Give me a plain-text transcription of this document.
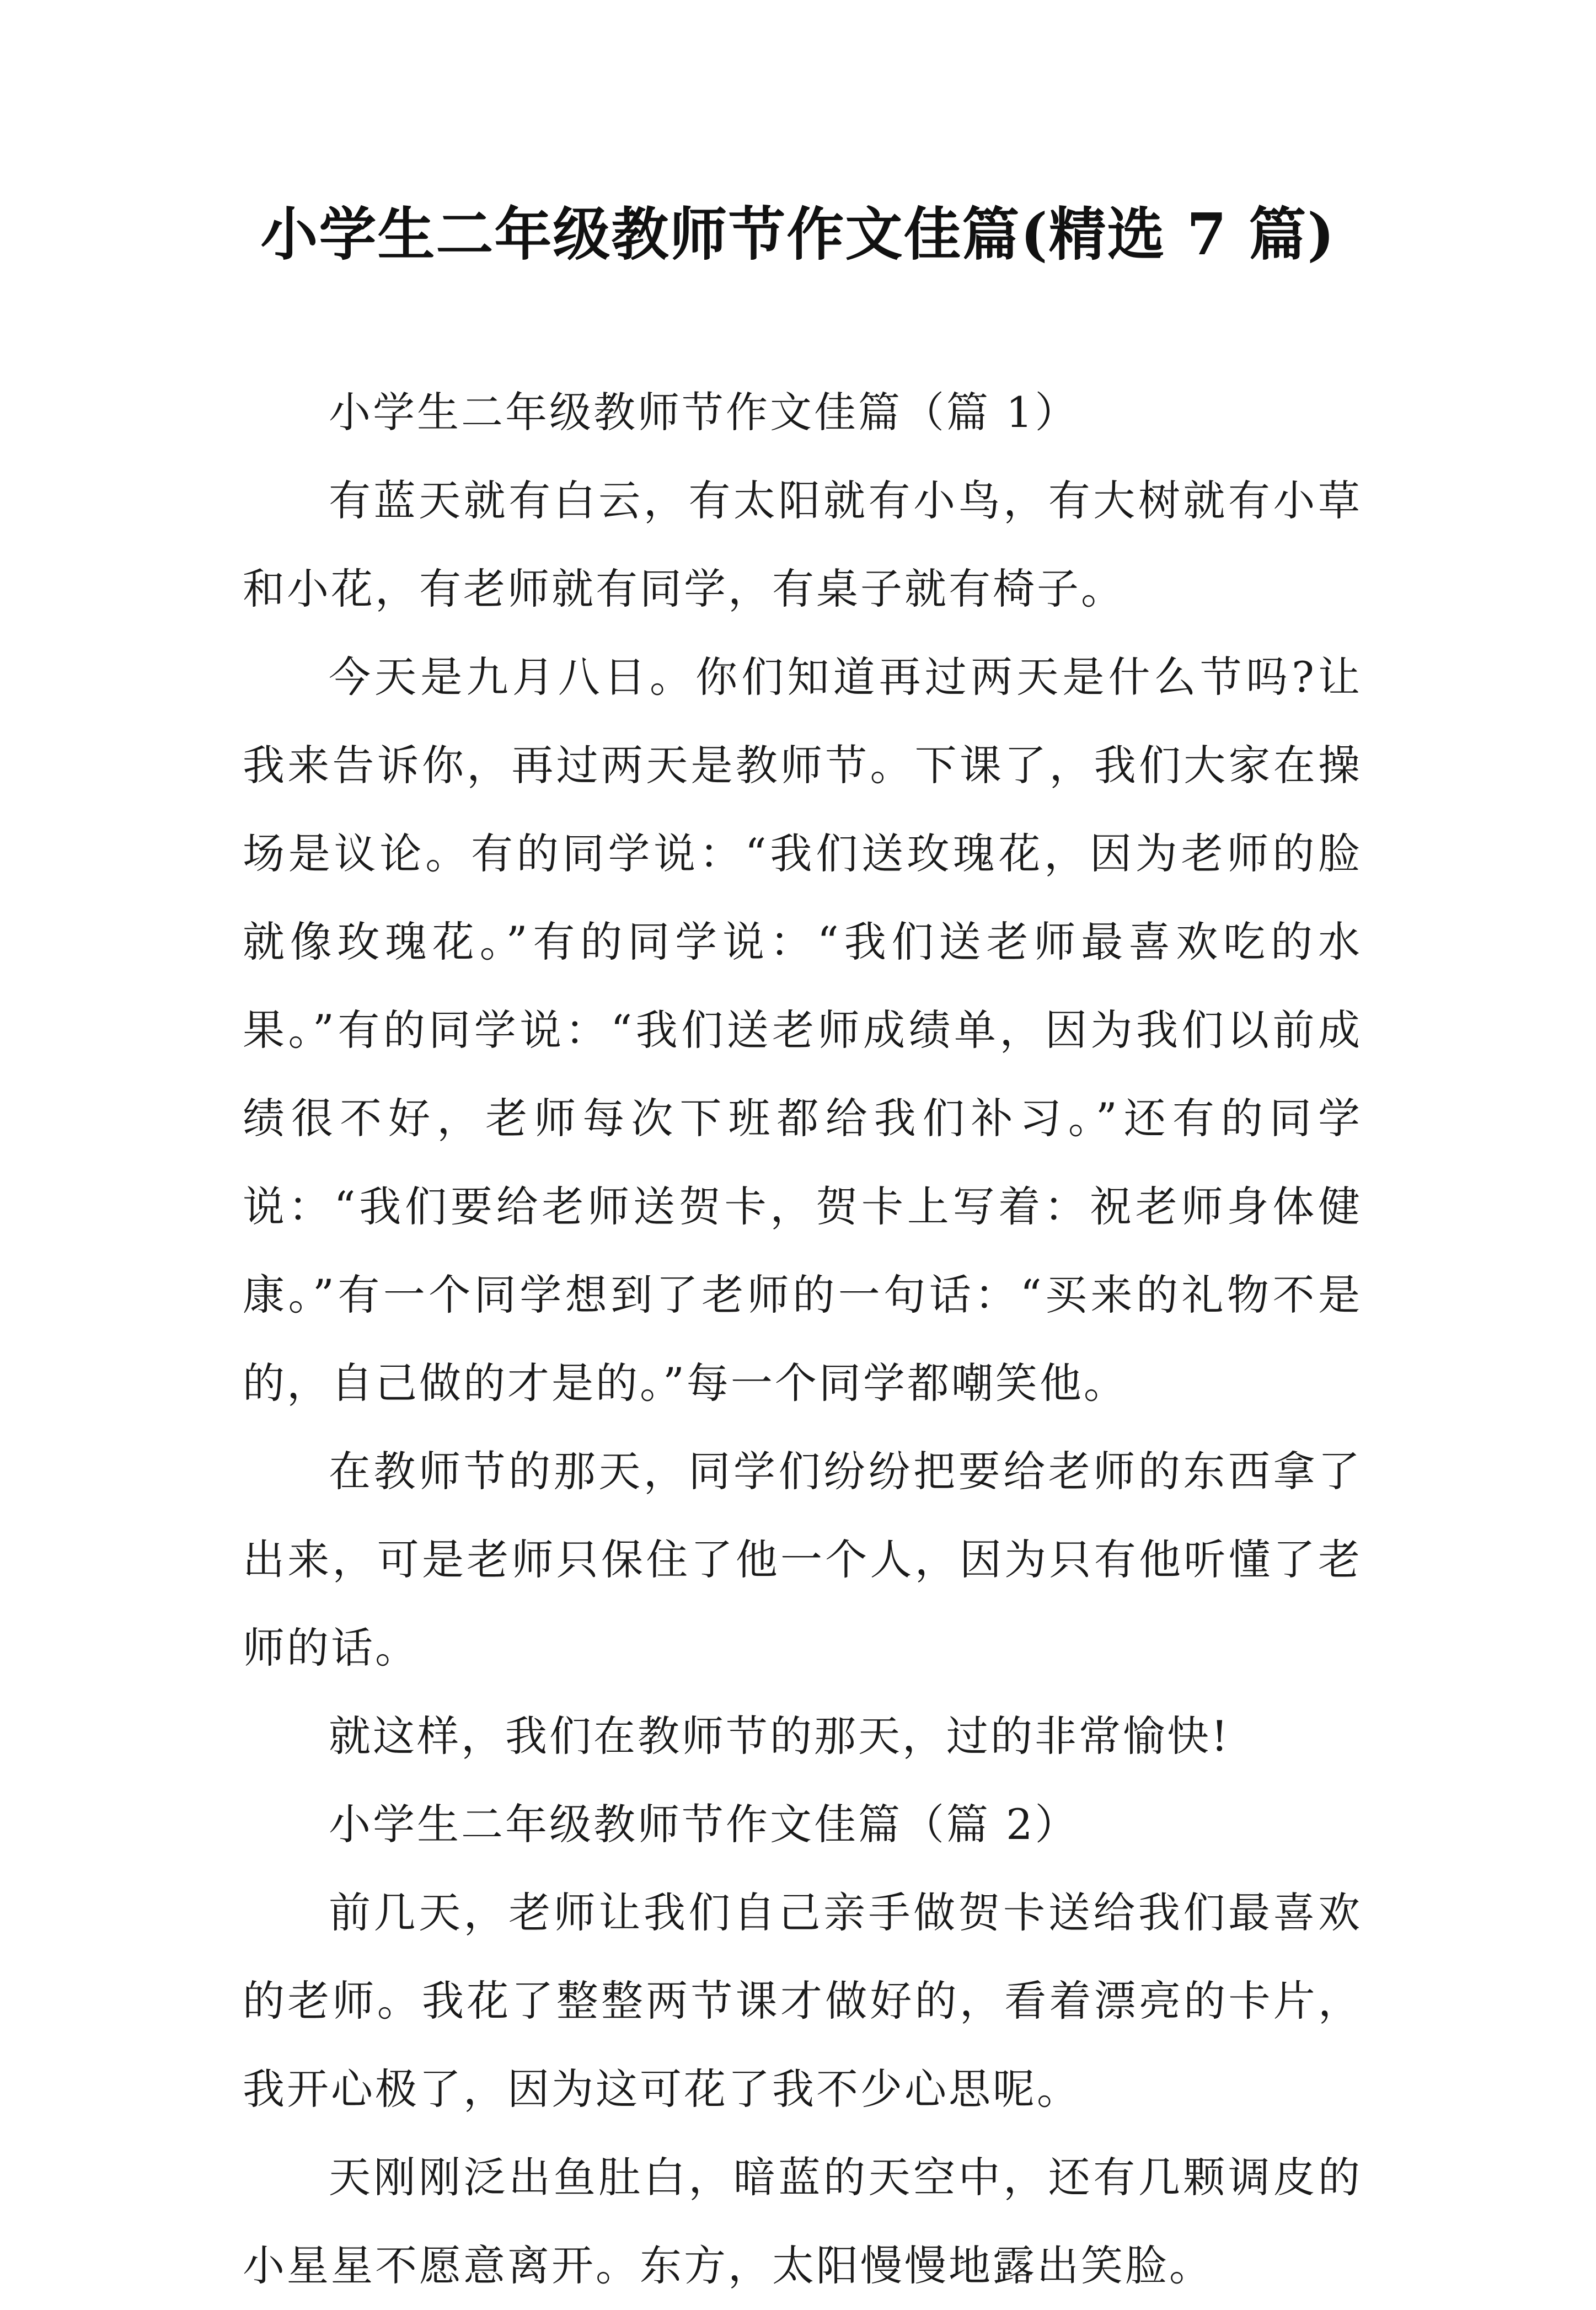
小学生二年级教师节作文佳篇(精选 7 篇)

小学生二年级教师节作文佳篇（篇 1）

有蓝天就有白云，有太阳就有小鸟，有大树就有小草和小花，有老师就有同学，有桌子就有椅子。

今天是九月八日。你们知道再过两天是什么节吗?让我来告诉你，再过两天是教师节。下课了，我们大家在操场是议论。有的同学说：“我们送玫瑰花，因为老师的脸就像玫瑰花。”有的同学说：“我们送老师最喜欢吃的水果。”有的同学说：“我们送老师成绩单，因为我们以前成绩很不好，老师每次下班都给我们补习。”还有的同学说：“我们要给老师送贺卡，贺卡上写着：祝老师身体健康。”有一个同学想到了老师的一句话：“买来的礼物不是的，自己做的才是的。”每一个同学都嘲笑他。

在教师节的那天，同学们纷纷把要给老师的东西拿了出来，可是老师只保住了他一个人，因为只有他听懂了老师的话。

就这样，我们在教师节的那天，过的非常愉快!

小学生二年级教师节作文佳篇（篇 2）

前几天，老师让我们自己亲手做贺卡送给我们最喜欢的老师。我花了整整两节课才做好的，看着漂亮的卡片，我开心极了，因为这可花了我不少心思呢。

天刚刚泛出鱼肚白，暗蓝的天空中，还有几颗调皮的小星星不愿意离开。东方，太阳慢慢地露出笑脸。
